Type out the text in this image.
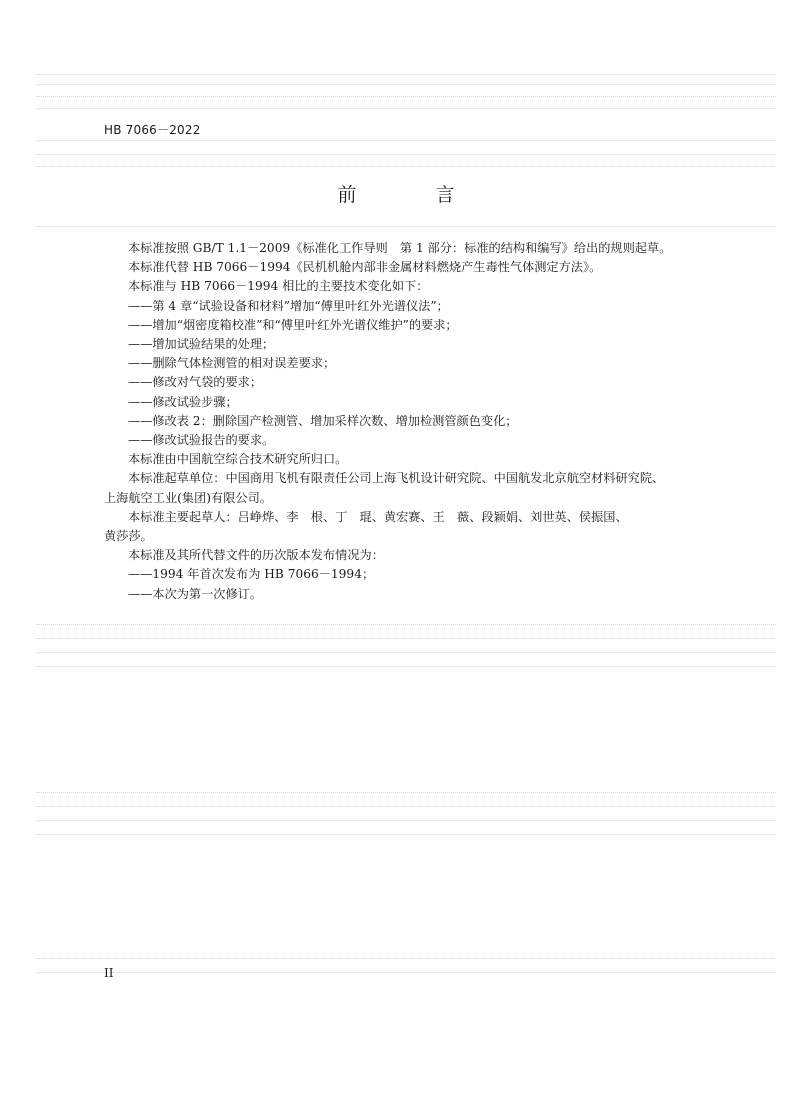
HB 7066－2022
前　言

本标准按照 GB/T 1.1－2009《标准化工作导则　第 1 部分：标准的结构和编写》给出的规则起草。

本标准代替 HB 7066－1994《民机机舱内部非金属材料燃烧产生毒性气体测定方法》。

本标准与 HB 7066－1994 相比的主要技术变化如下：

——第 4 章“试验设备和材料”增加“傅里叶红外光谱仪法”；

——增加“烟密度箱校准”和“傅里叶红外光谱仪维护”的要求；

——增加试验结果的处理；

——删除气体检测管的相对误差要求；

——修改对气袋的要求；

——修改试验步骤；

——修改表 2：删除国产检测管、增加采样次数、增加检测管颜色变化；

——修改试验报告的要求。

本标准由中国航空综合技术研究所归口。

本标准起草单位：中国商用飞机有限责任公司上海飞机设计研究院、中国航发北京航空材料研究院、

上海航空工业(集团)有限公司。

本标准主要起草人：吕峥烨、李　根、丁　琨、黄宏赛、王　薇、段颖娟、刘世英、侯振国、

黄莎莎。

本标准及其所代替文件的历次版本发布情况为：

——1994 年首次发布为 HB 7066－1994；

——本次为第一次修订。

II
